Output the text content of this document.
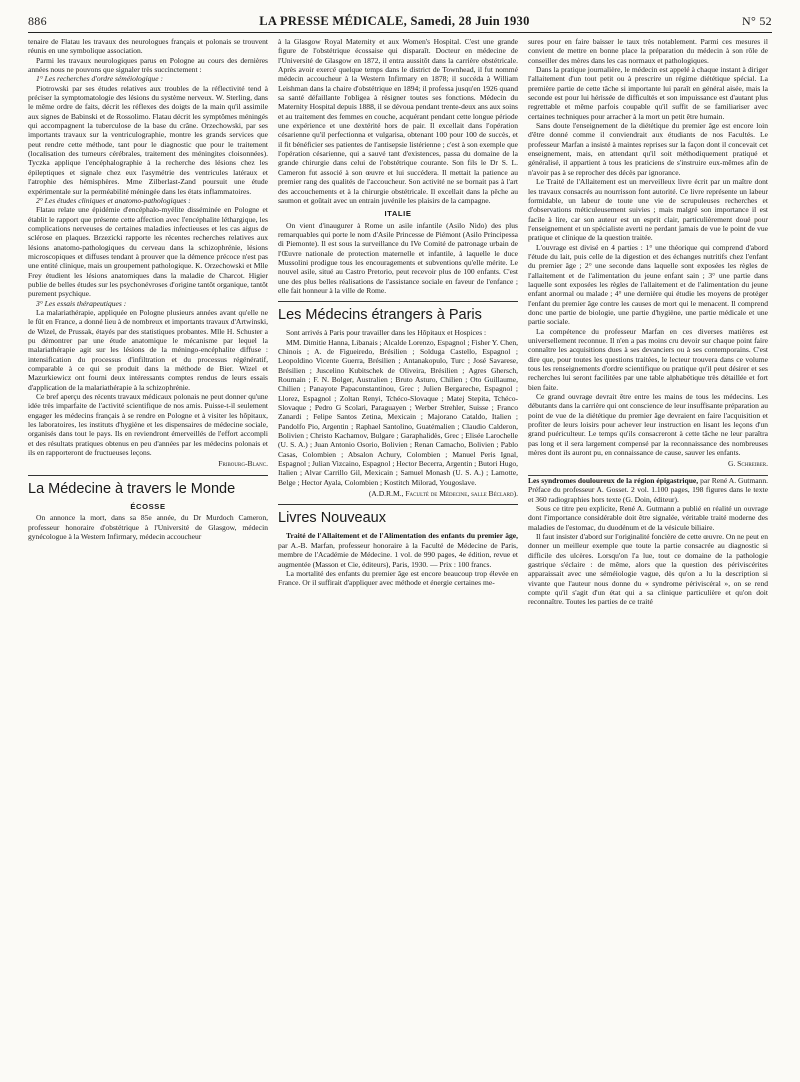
886	LA PRESSE MÉDICALE, Samedi, 28 Juin 1930	N° 52

tenaire de Flatau les travaux des neurologues français et polonais se trouvent réunis en une symbolique association.

Parmi les travaux neurologiques parus en Pologne au cours des dernières années nous ne pouvons que signaler très succinctement :

1° Les recherches d'ordre séméiologique :

Piotrowski par ses études relatives aux troubles de la réflectivité tend à préciser la symptomatologie des lésions du système nerveux. W. Sterling, dans le même ordre de faits, décrit les réflexes des doigts de la main qu'il assimile aux signes de Babinski et de Rossolimo. Flatau décrit les symptômes méningés qui accompagnent la tuberculose de la base du crâne. Orzechowski, par ses importants travaux sur la ventriculographie, montre les grands services que peut rendre cette méthode, tant pour le diagnostic que pour le traitement (localisation des tumeurs cérébrales, traitement des méningites cloisonnées). Tyczka applique l'encéphalographie à la recherche des lésions chez les épileptiques et signale chez eux l'asymétrie des ventricules latéraux et l'atrophie des hémisphères. Mme Zilberlast-Zand poursuit une étude expérimentale sur la perméabilité méningée dans les états inflammatoires.

2° Les études cliniques et anatomo-pathologiques :

Flatau relate une épidémie d'encéphalo-myélite disséminée en Pologne et établit le rapport que présente cette affection avec l'encéphalite léthargique, les complications nerveuses de certaines maladies infectieuses et les cas aigus de sclérose en plaques. Brzezicki rapporte les récentes recherches relatives aux lésions anatomo-pathologiques du cerveau dans la schizophrénie, lésions microscopiques et diffuses tendant à prouver que la démence précoce n'est pas une entité clinique, mais un groupement pathologique. K. Orzechowski et Mlle Frey étudient les lésions anatomiques dans la maladie de Charcot. Higier publie de belles études sur les psychonévroses d'origine tantôt organique, tantôt purement psychique.

3° Les essais thérapeutiques :

La malariathérapie, appliquée en Pologne plusieurs années avant qu'elle ne le fût en France, a donné lieu à de nombreux et importants travaux d'Artwinski, de Wizel, de Prussak, étayés par des statistiques probantes. Mlle H. Schuster a pu démontrer par une étude anatomique le mécanisme par lequel la malariathérapie agit sur les lésions de la méningo-encéphalite diffuse : intensification du processus d'infiltration et du processus régénératif, comparable à ce qui se produit dans la méthode de Bier. Wizel et Mazurkiewicz ont fourni deux intéressants comptes rendus de leurs essais d'application de la malariathérapie à la schizophrénie.

Ce bref aperçu des récents travaux médicaux polonais ne peut donner qu'une idée très imparfaite de l'activité scientifique de nos amis. Puisse-t-il seulement engager les médecins français à se rendre en Pologne et à visiter les hôpitaux, les laboratoires, les instituts d'hygiène et les dispensaires de médecine sociale, organisés dans tout le pays. Ils en reviendront émerveillés de l'effort accompli et des résultats pratiques obtenus en peu d'années par les médecins polonais et ils en rapporteront de fructueuses leçons.

Fribourg-Blanc.

La Médecine à travers le Monde
ÉCOSSE

On annonce la mort, dans sa 85e année, du Dr Murdoch Cameron, professeur honoraire d'obstétrique à l'Université de Glasgow, médecin gynécologue à la Western Infirmary, médecin accoucheur

à la Glasgow Royal Maternity et aux Women's Hospital. C'est une grande figure de l'obstétrique écossaise qui disparaît. Docteur en médecine de l'Université de Glasgow en 1872, il entra aussitôt dans la carrière obstétricale. Après avoir exercé quelque temps dans le district de Townhead, il fut nommé médecin accoucheur à la Western Infirmary en 1878; il succéda à William Leishman dans la chaire d'obstétrique en 1894; il professa jusqu'en 1926 quand sa santé défaillante l'obligea à résigner toutes ses fonctions. Médecin du Maternity Hospital depuis 1888, il se dévoua pendant trente-deux ans aux soins et au traitement des femmes en couche, acquérant pendant cette longue période une expérience et une dextérité hors de pair. Il excellait dans l'opération césarienne qu'il perfectionna et vulgarisa, obtenant 100 pour 100 de succès, et il fit bénéficier ses patientes de l'antisepsie listérienne ; c'est à son exemple que l'opération césarienne, qui a sauvé tant d'existences, passa du domaine de la grande chirurgie dans celui de l'obstétrique courante. Son fils le Dr S. L. Cameron fut associé à son œuvre et lui succédera. Il mettait la patience au premier rang des qualités de l'accoucheur. Son activité ne se bornait pas à l'art des accouchements et à la chirurgie obstétricale. Il excellait dans la pêche au saumon et goûtait avec un entrain juvénile les plaisirs de la campagne.

ITALIE

On vient d'inaugurer à Rome un asile infantile (Asilo Nido) des plus remarquables qui porte le nom d'Asile Princesse de Piémont (Asilo Principessa di Piemonte). Il est sous la surveillance du IVe Comité de patronage urbain de l'Œuvre nationale de protection maternelle et infantile, à laquelle le duce Mussolini prodigue tous les encouragements et subventions qu'elle mérite. Le nouvel asile, situé au Castro Pretorio, peut recevoir plus de 100 enfants. C'est une des plus belles réalisations de l'assistance sociale en faveur de l'enfance ; elle fait honneur à la ville de Rome.

Les Médecins étrangers à Paris

Sont arrivés à Paris pour travailler dans les Hôpitaux et Hospices :

MM. Dimitie Hanna, Libanais ; Alcalde Lorenzo, Espagnol ; Fisher Y. Chen, Chinois ; A. de Figueiredo, Brésilien ; Solduga Castello, Espagnol ; Leopoldino Vicente Guerra, Brésilien ; Antanakopulo, Turc ; José Savarese, Brésilien ; Juscelino Kubitschek de Oliveira, Brésilien ; Agres Ghersch, Roumain ; F. N. Bolger, Australien ; Bruto Asturo, Chilien ; Oto Guillaume, Chilien ; Panayote Papaconstantinou, Grec ; Julien Bergareche, Espagnol ; Llorez, Espagnol ; Zoltan Renyi, Tchéco-Slovaque ; Matej Stepita, Tchéco-Slovaque ; Pedro G Scolari, Paraguayen ; Werber Strehler, Suisse ; Franco Zanardi ; Felipe Santos Zetina, Mexicain ; Majorano Cataldo, Italien ; Pandolfo Pio, Argentin ; Raphael Santolino, Guatémalien ; Claudio Calderon, Bolivien ; Christo Kachamov, Bulgare ; Garaphalidès, Grec ; Elisée Larochelle (U. S. A.) ; Juan Antonio Osorio, Bolivien ; Renan Camacho, Bolivien ; Pablo Casas, Colombien ; Absalon Achury, Colombien ; Manuel Peris Ignal, Espagnol ; Julian Vizcaino, Espagnol ; Hector Becerra, Argentin ; Butori Hugo, Italien ; Alvar Carrillo Gil, Mexicain ; Samuel Monash (U. S. A.) ; Lamotte, Belge ; Hector Ayala, Colombien ; Kostitch Milorad, Yougoslave.

(A.D.R.M., Faculté de Médecine, salle Béclard).

Livres Nouveaux

Traité de l'Allaitement et de l'Alimentation des enfants du premier âge, par A.-B. Marfan, professeur honoraire à la Faculté de Médecine de Paris, membre de l'Académie de Médecine. 1 vol. de 990 pages, 4e édition, revue et augmentée (Masson et Cie, éditeurs), Paris, 1930. — Prix : 100 francs.

La mortalité des enfants du premier âge est encore beaucoup trop élevée en France. Or il suffirait d'appliquer avec méthode et énergie certaines me-

sures pour en faire baisser le taux très notablement. Parmi ces mesures il convient de mettre en bonne place la préparation du médecin à son rôle de conseiller des mères dans les cas normaux et pathologiques.

Dans la pratique journalière, le médecin est appelé à chaque instant à diriger l'allaitement d'un tout petit ou à prescrire un régime diététique spécial. La première partie de cette tâche si importante lui paraît en général aisée, mais la seconde est pour lui hérissée de difficultés et son impuissance est d'autant plus regrettable et même parfois coupable qu'il suffit de se familiariser avec certaines techniques pour arracher à la mort un petit être humain.

Sans doute l'enseignement de la diététique du premier âge est encore loin d'être donné comme il conviendrait aux étudiants de nos Facultés. Le professeur Marfan a insisté à maintes reprises sur la façon dont il concevait cet enseignement, mais, en attendant qu'il soit méthodiquement pratiqué et généralisé, il appartient à tous les praticiens de s'instruire eux-mêmes afin de n'avoir pas à se reprocher des décès par ignorance.

Le Traité de l'Allaitement est un merveilleux livre écrit par un maître dont les travaux consacrés au nourrisson font autorité. Ce livre représente un labeur formidable, un labeur de toute une vie de scrupuleuses recherches et d'observations méticuleusement suivies ; mais malgré son importance il est facile à lire, car son auteur est un esprit clair, particulièrement doué pour l'enseignement et un spécialiste averti ne perdant jamais de vue le point de vue pratique et clinique de la question traitée.

L'ouvrage est divisé en 4 parties : 1° une théorique qui comprend d'abord l'étude du lait, puis celle de la digestion et des échanges nutritifs chez l'enfant du premier âge ; 2° une seconde dans laquelle sont exposées les règles de l'allaitement et de l'alimentation du jeune enfant sain ; 3° une partie dans laquelle sont exposées les règles de l'allaitement et de l'alimentation du jeune enfant anormal ou malade ; 4° une dernière qui étudie les moyens de protéger l'enfant du premier âge contre les causes de mort qui le menacent. Il comprend donc une partie de biologie, une partie d'hygiène, une partie médicale et une partie sociale.

La compétence du professeur Marfan en ces diverses matières est universellement reconnue. Il n'en a pas moins cru devoir sur chaque point faire connaître les acquisitions dues à ses devanciers ou à ses contemporains. C'est dire que, pour toutes les questions traitées, le lecteur trouvera dans ce volume tous les renseignements d'ordre scientifique ou pratique qu'il peut désirer et ses recherches lui seront facilitées par une table alphabétique très détaillée et fort bien faite.

Ce grand ouvrage devrait être entre les mains de tous les médecins. Les débutants dans la carrière qui ont conscience de leur insuffisante préparation au point de vue de la diététique du premier âge devraient en faire l'acquisition et profiter de leurs loisirs pour achever leur instruction en lisant les leçons d'un grand puériculteur. Le temps qu'ils consacreront à cette tâche ne leur paraîtra pas long et il sera largement compensé par la reconnaissance des nombreuses mères dont ils auront pu, en connaissance de cause, sauver les enfants.

G. Schreiber.

Les syndromes douloureux de la région épigastrique, par René A. Gutmann. Préface du professeur A. Gosset. 2 vol. 1.100 pages, 198 figures dans le texte et 360 radiographies hors texte (G. Doin, éditeur).

Sous ce titre peu explicite, René A. Gutmann a publié en réalité un ouvrage dont l'importance considérable doit être signalée, véritable traité moderne des maladies de l'estomac, du duodénum et de la vésicule biliaire.

Il faut insister d'abord sur l'originalité foncière de cette œuvre. On ne peut en donner un meilleur exemple que toute la partie consacrée au diagnostic si difficile des ulcères. Lorsqu'on l'a lue, tout ce domaine de la pathologie gastrique s'éclaire : de même, alors que la question des périviscérites apparaissait avec une séméiologie vague, dès qu'on a lu la description si vivante que l'auteur nous donne du « syndrome périviscéral », on se rend compte qu'il s'agit d'un état qui a sa clinique particulière et qu'on doit reconnaître. Toutes les parties de ce traité
